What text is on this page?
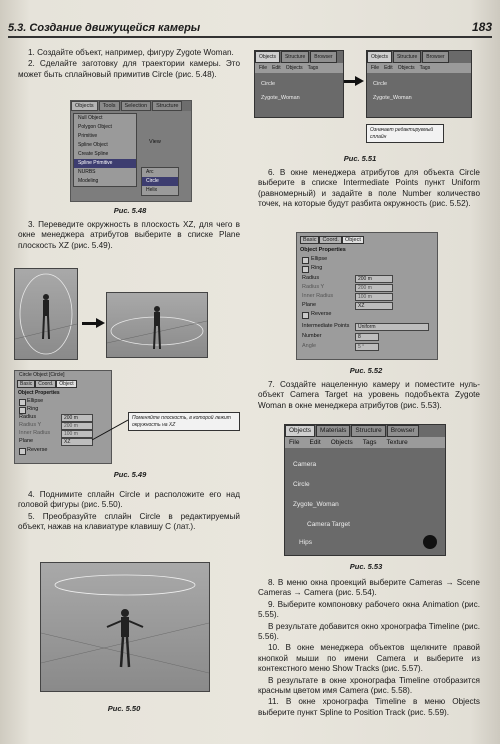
5.3. Создание движущейся камеры	183

1. Создайте объект, например, фигуру Zygote Woman.

2. Сделайте заготовку для траектории камеры. Это может быть сплайновый примитив Circle (рис. 5.48).

Objects	Tools	Selection	Structure
Null Object
Polygon Object
Primitive
Spline Object
Create Spline
Spline Primitive
NURBS
Modeling
View
Arc
Circle
Helix
Рис. 5.48

3. Переведите окружность в плоскость XZ, для чего в окне менеджера атрибутов выберите в списке Plane плоскость XZ (рис. 5.49).

Circle Object [Circle]
Basic	Coord.	Object
Object Properties
Ellipse
Ring
Radius	200 m
Radius Y	200 m
Inner Radius	100 m
Plane	XZ
Reverse
Поменяйте плоскость, в которой лежит окружность на XZ
Рис. 5.49

4. Поднимите сплайн Circle и расположите его над головой фигуры (рис. 5.50).

5. Преобразуйте сплайн Circle в редактируемый объект, нажав на клавиатуре клавишу C (лат.).

Рис. 5.50
Objects	Structure	Browser
File Edit Objects Tags
Circle
Zygote_Woman
Objects	Structure	Browser
File Edit Objects Tags
Circle
Zygote_Woman
Означает редактируемый сплайн
Рис. 5.51

6. В окне менеджера атрибутов для объекта Circle выберите в списке Intermediate Points пункт Uniform (равномерный) и задайте в поле Number количество точек, на которые будут разбита окружность (рис. 5.52).

Basic	Coord.	Object
Object Properties
Ellipse
Ring
Radius	200 m
Radius Y	200 m
Inner Radius	100 m
Plane	XZ
Reverse
Intermediate Points	Uniform
Number	8
Angle	5 °
Рис. 5.52

7. Создайте нацеленную камеру и поместите нуль-объект Camera Target на уровень подобъекта Zygote Woman в окне менеджера атрибутов (рис. 5.53).

Objects	Materials	Structure	Browser
File Edit Objects Tags Texture
Camera
Circle
Zygote_Woman
Camera Target
Hips
Рис. 5.53

8. В меню окна проекций выберите Cameras → Scene Cameras → Camera (рис. 5.54).

9. Выберите компоновку рабочего окна Animation (рис. 5.55).

В результате добавится окно хронографа Timeline (рис. 5.56).

10. В окне менеджера объектов щелкните правой кнопкой мыши по имени Camera и выберите из контекстного меню Show Tracks (рис. 5.57).

В результате в окне хронографа Timeline отобразится красным цветом имя Camera (рис. 5.58).

11. В окне хронографа Timeline в меню Objects выберите пункт Spline to Position Track (рис. 5.59).
